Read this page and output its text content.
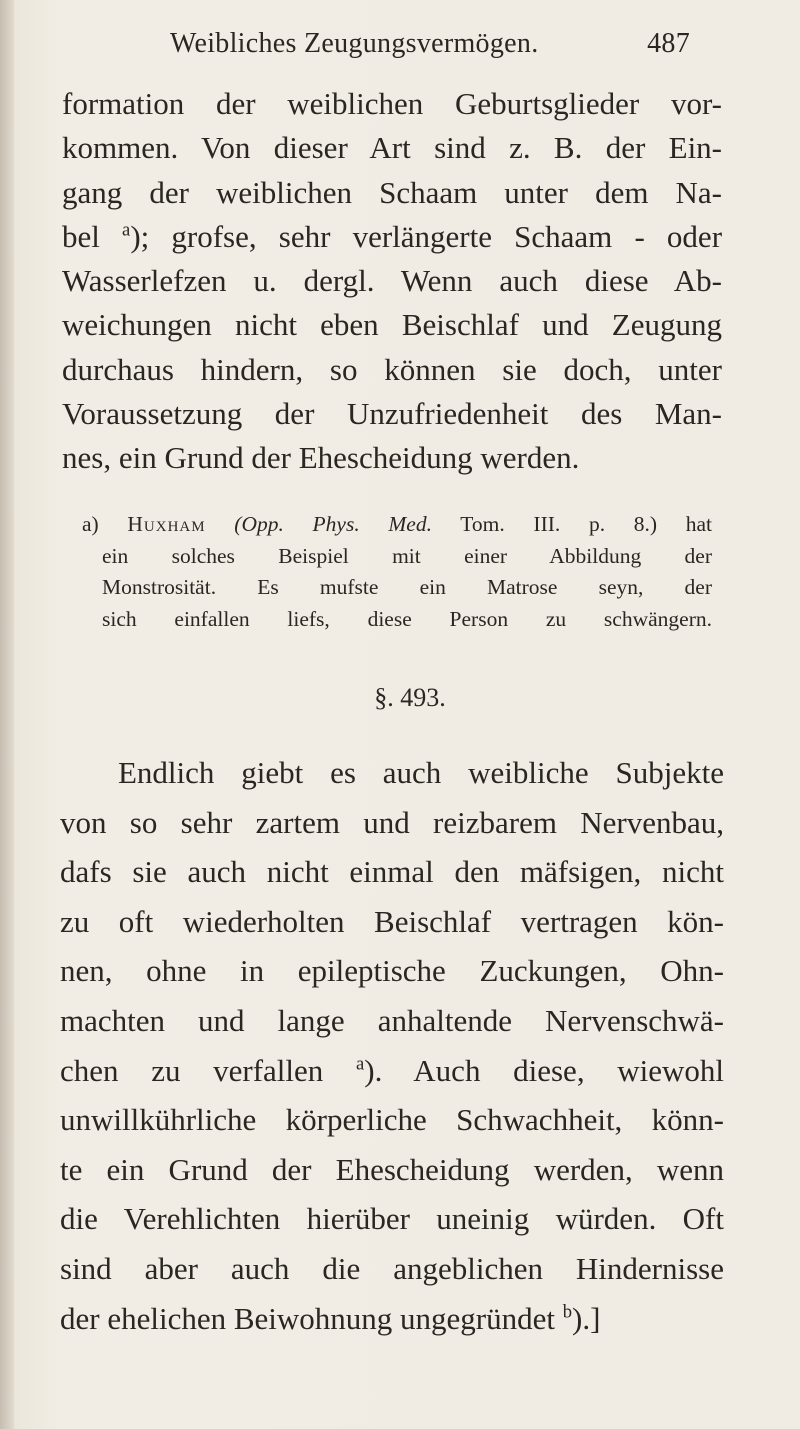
Weibliches Zeugungsvermögen.	487
formation der weiblichen Geburtsglieder vor-
kommen. Von dieser Art sind z. B. der Ein-
gang der weiblichen Schaam unter dem Na-
bel $^a$); grofse, sehr verlängerte Schaam - oder
Wasserlefzen u. dergl. Wenn auch diese Ab-
weichungen nicht eben Beischlaf und Zeugung
durchaus hindern, so können sie doch, unter
Voraussetzung der Unzufriedenheit des Man-
nes, ein Grund der Ehescheidung werden.
a) Huxham (Opp. Phys. Med. Tom. III. p. 8.) hat
ein solches Beispiel mit einer Abbildung der
Monstrosität. Es mufste ein Matrose seyn, der
sich einfallen liefs, diese Person zu schwängern.
§. 493.
Endlich giebt es auch weibliche Subjekte
von so sehr zartem und reizbarem Nervenbau,
dafs sie auch nicht einmal den mäfsigen, nicht
zu oft wiederholten Beischlaf vertragen kön-
nen, ohne in epileptische Zuckungen, Ohn-
machten und lange anhaltende Nervenschwä-
chen zu verfallen $^a$). Auch diese, wiewohl
unwillkührliche körperliche Schwachheit, könn-
te ein Grund der Ehescheidung werden, wenn
die Verehlichten hierüber uneinig würden. Oft
sind aber auch die angeblichen Hindernisse
der ehelichen Beiwohnung ungegründet $^b$).]
